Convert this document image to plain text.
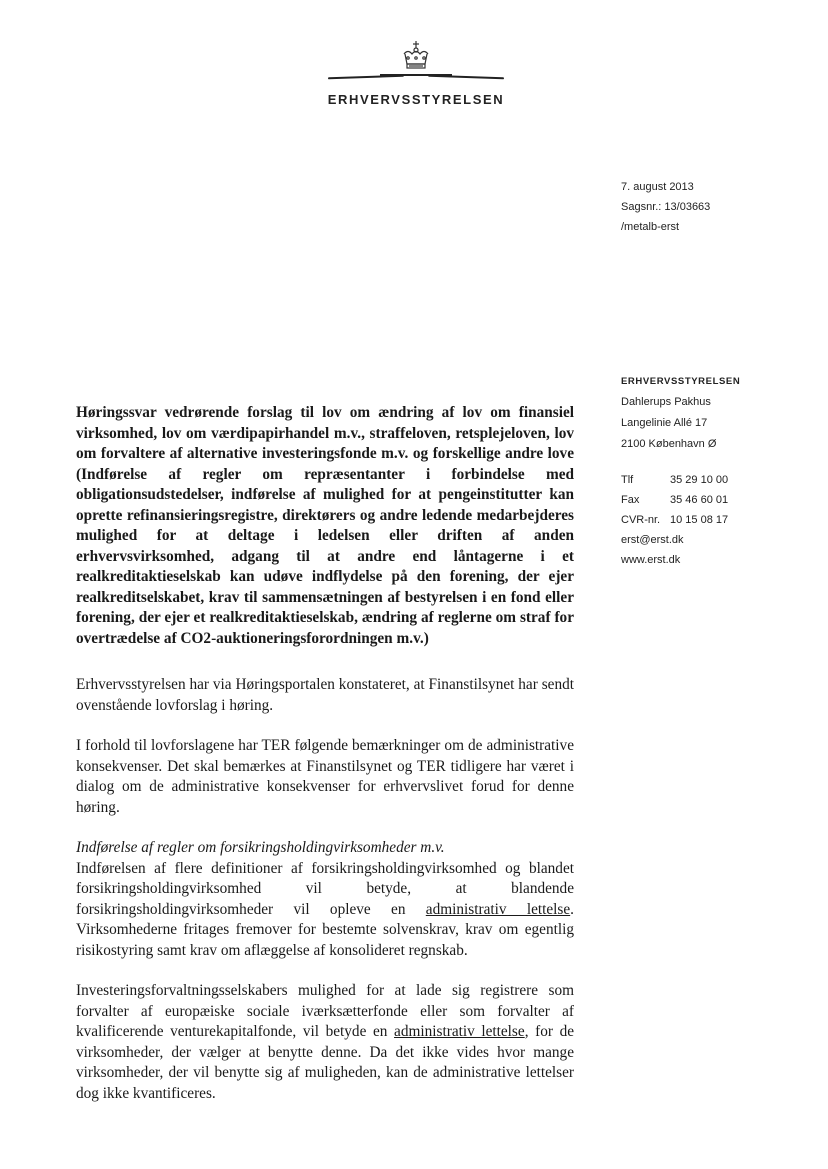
ERHVERVSSTYRELSEN
7. august 2013
Sagsnr.: 13/03663
/metalb-erst
ERHVERVSSTYRELSEN
Dahlerups Pakhus
Langelinie Allé 17
2100 København Ø
Tlf	35 29 10 00
Fax	35 46 60 01
CVR-nr. 10 15 08 17
erst@erst.dk
www.erst.dk

Høringssvar vedrørende forslag til lov om ændring af lov om finansiel virksomhed, lov om værdipapirhandel m.v., straffeloven, retsplejeloven, lov om forvaltere af alternative investeringsfonde m.v. og forskellige andre love (Indførelse af regler om repræsentanter i forbindelse med obligationsudstedelser, indførelse af mulighed for at pengeinstitutter kan oprette refinansieringsregistre, direktørers og andre ledende medarbejderes mulighed for at deltage i ledelsen eller driften af anden erhvervsvirksomhed, adgang til at andre end låntagerne i et realkreditaktieselskab kan udøve indflydelse på den forening, der ejer realkreditselskabet, krav til sammensætningen af bestyrelsen i en fond eller forening, der ejer et realkreditaktieselskab, ændring af reglerne om straf for overtrædelse af CO2-auktioneringsforordningen m.v.)

Erhvervsstyrelsen har via Høringsportalen konstateret, at Finanstilsynet har sendt ovenstående lovforslag i høring.

I forhold til lovforslagene har TER følgende bemærkninger om de administrative konsekvenser. Det skal bemærkes at Finanstilsynet og TER tidligere har været i dialog om de administrative konsekvenser for erhvervslivet forud for denne høring.

Indførelse af regler om forsikringsholdingvirksomheder m.v.
Indførelsen af flere definitioner af forsikringsholdingvirksomhed og blandet forsikringsholdingvirksomhed vil betyde, at blandende forsikringsholdingvirksomheder vil opleve en administrativ lettelse. Virksomhederne fritages fremover for bestemte solvenskrav, krav om egentlig risikostyring samt krav om aflæggelse af konsolideret regnskab.

Investeringsforvaltningsselskabers mulighed for at lade sig registrere som forvalter af europæiske sociale iværksætterfonde eller som forvalter af kvalificerende venturekapitalfonde, vil betyde en administrativ lettelse, for de virksomheder, der vælger at benytte denne. Da det ikke vides hvor mange virksomheder, der vil benytte sig af muligheden, kan de administrative lettelser dog ikke kvantificeres.
